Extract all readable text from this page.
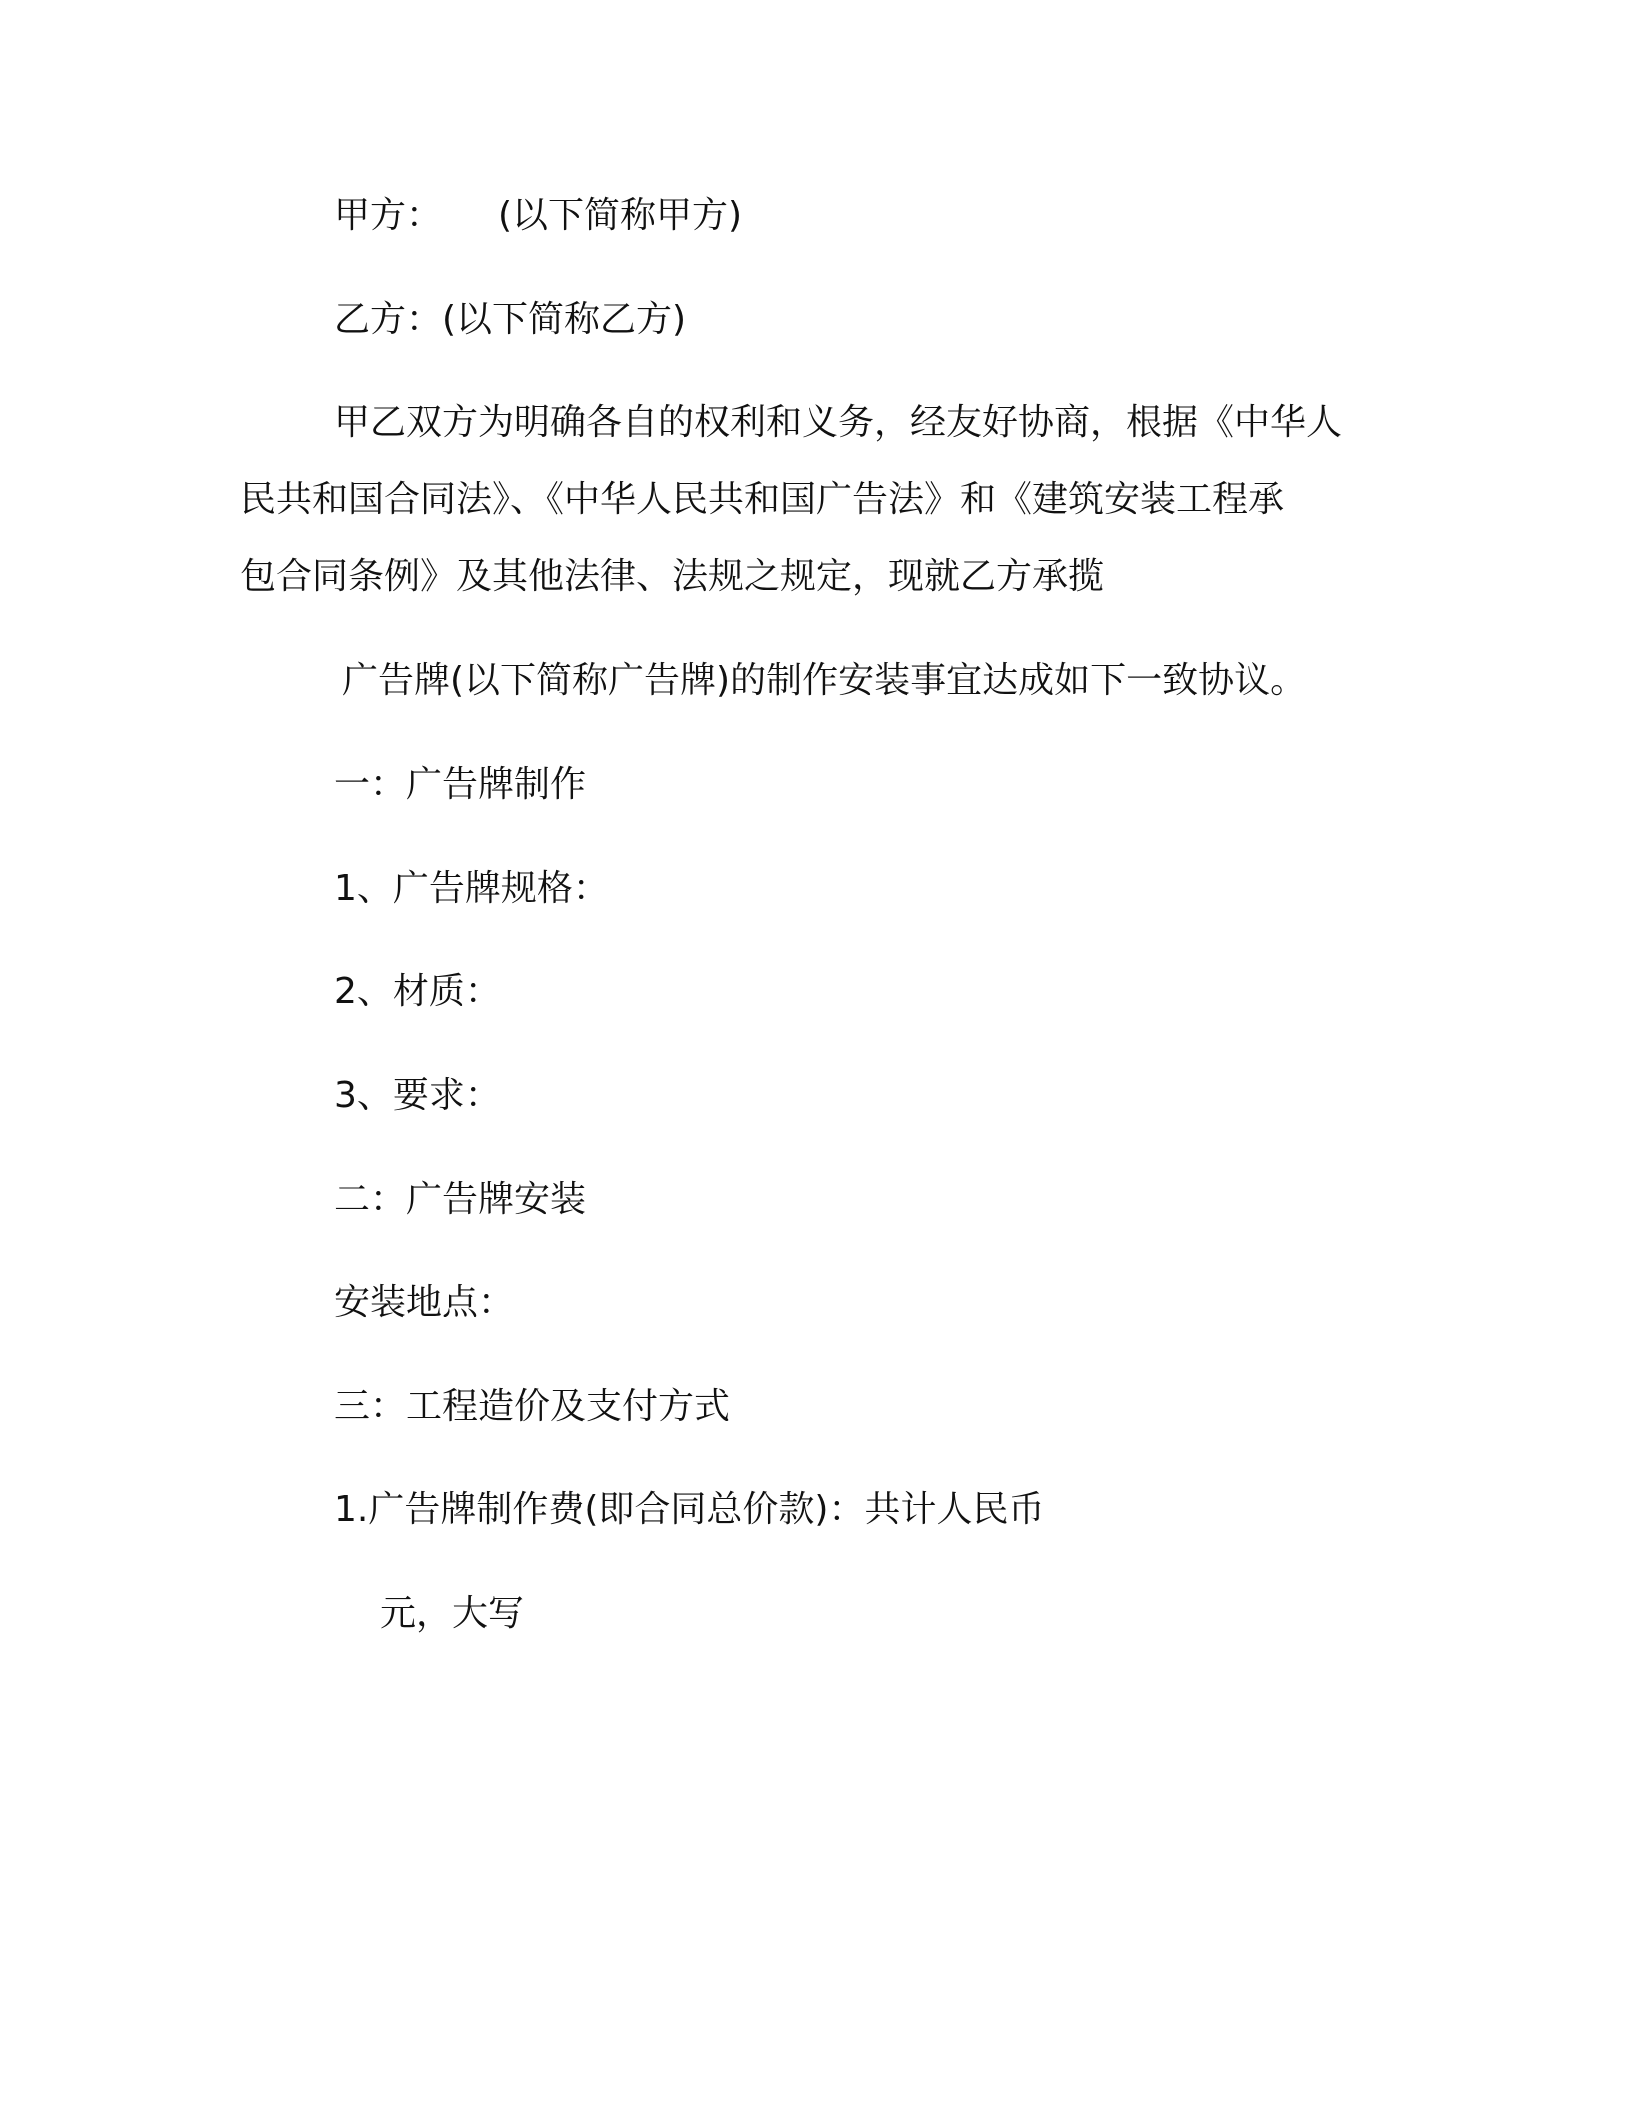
甲方： (以下简称甲方)
乙方：(以下简称乙方)
甲乙双方为明确各自的权利和义务，经友好协商，根据《中华人
民共和国合同法》、《中华人民共和国广告法》和《建筑安装工程承
包合同条例》及其他法律、法规之规定，现就乙方承揽
广告牌(以下简称广告牌)的制作安装事宜达成如下一致协议。
一：广告牌制作
1、广告牌规格：
2、材质：
3、要求：
二：广告牌安装
安装地点：
三：工程造价及支付方式
1.广告牌制作费(即合同总价款)：共计人民币
元，大写
